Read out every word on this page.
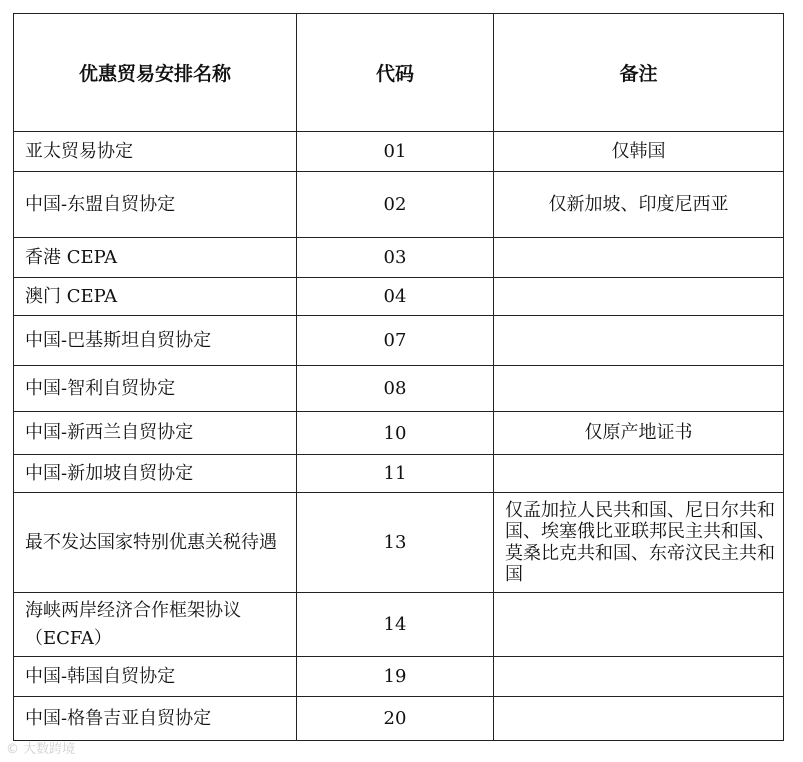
优惠贸易安排名称	代码	备注
亚太贸易协定	01	仅韩国
中国-东盟自贸协定	02	仅新加坡、印度尼西亚
香港 CEPA	03	
澳门 CEPA	04	
中国-巴基斯坦自贸协定	07	
中国-智利自贸协定	08	
中国-新西兰自贸协定	10	仅原产地证书
中国-新加坡自贸协定	11	
最不发达国家特别优惠关税待遇	13	仅孟加拉人民共和国、尼日尔共和国、埃塞俄比亚联邦民主共和国、莫桑比克共和国、东帝汶民主共和国
海峡两岸经济合作框架协议（ECFA）	14	
中国-韩国自贸协定	19	
中国-格鲁吉亚自贸协定	20	
© 大数跨境
